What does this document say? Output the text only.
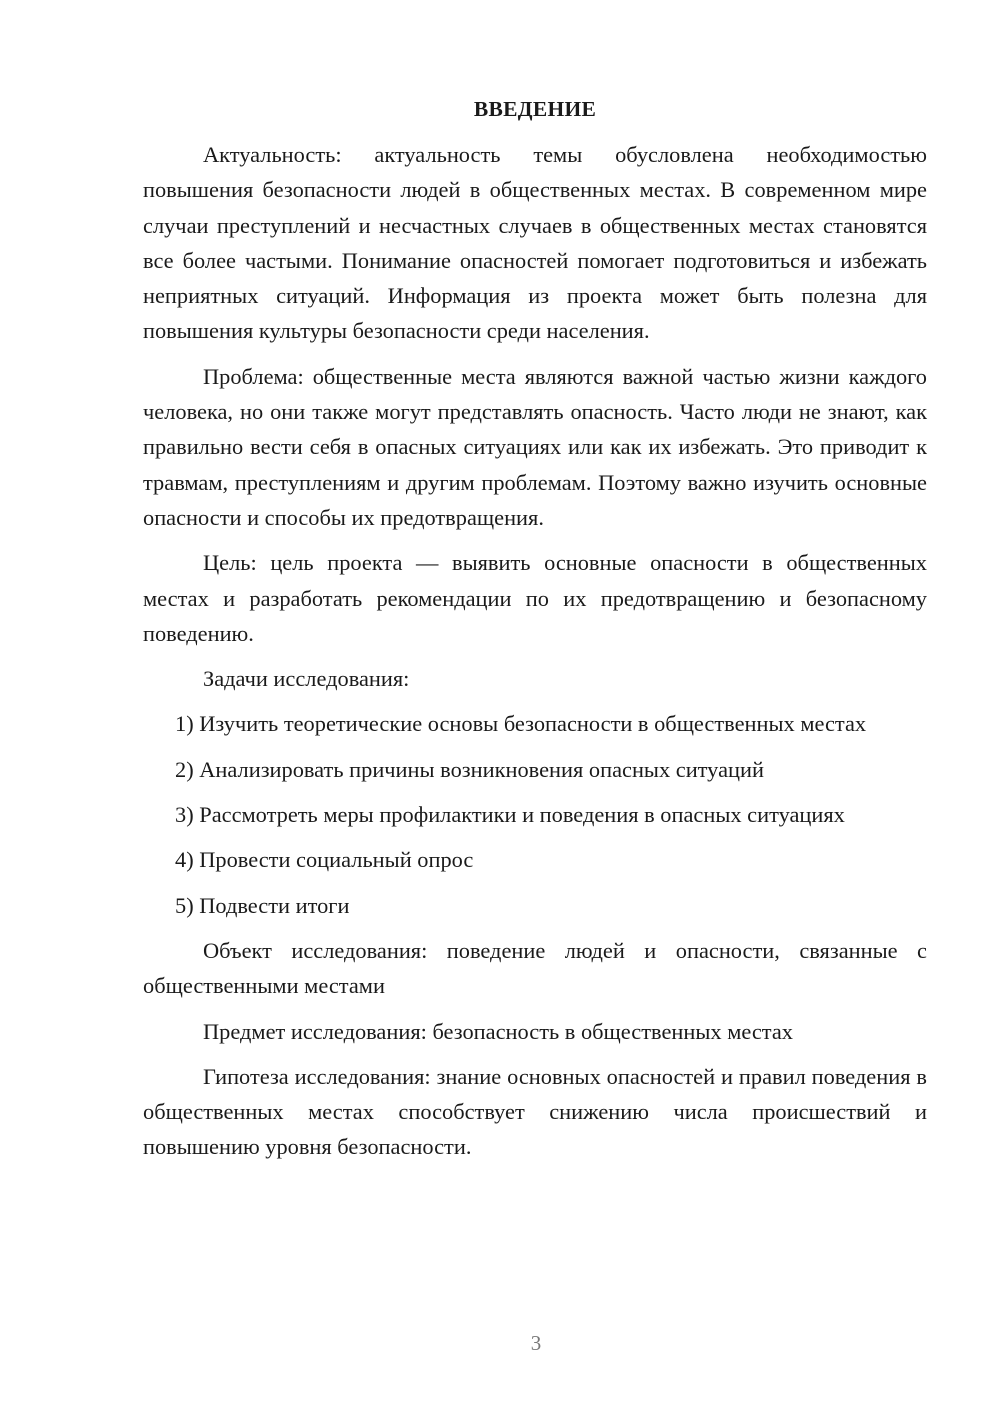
ВВЕДЕНИЕ

Актуальность: актуальность темы обусловлена необходимостью повышения безопасности людей в общественных местах. В современном мире случаи преступлений и несчастных случаев в общественных местах становятся все более частыми. Понимание опасностей помогает подготовиться и избежать неприятных ситуаций. Информация из проекта может быть полезна для повышения культуры безопасности среди населения.

Проблема: общественные места являются важной частью жизни каждого человека, но они также могут представлять опасность. Часто люди не знают, как правильно вести себя в опасных ситуациях или как их избежать. Это приводит к травмам, преступлениям и другим проблемам. Поэтому важно изучить основные опасности и способы их предотвращения.

Цель: цель проекта — выявить основные опасности в общественных местах и разработать рекомендации по их предотвращению и безопасному поведению.

Задачи исследования:

1) Изучить теоретические основы безопасности в общественных местах
2) Анализировать причины возникновения опасных ситуаций
3) Рассмотреть меры профилактики и поведения в опасных ситуациях
4) Провести социальный опрос
5) Подвести итоги

Объект исследования: поведение людей и опасности, связанные с общественными местами

Предмет исследования: безопасность в общественных местах

Гипотеза исследования: знание основных опасностей и правил поведения в общественных местах способствует снижению числа происшествий и повышению уровня безопасности.

3
